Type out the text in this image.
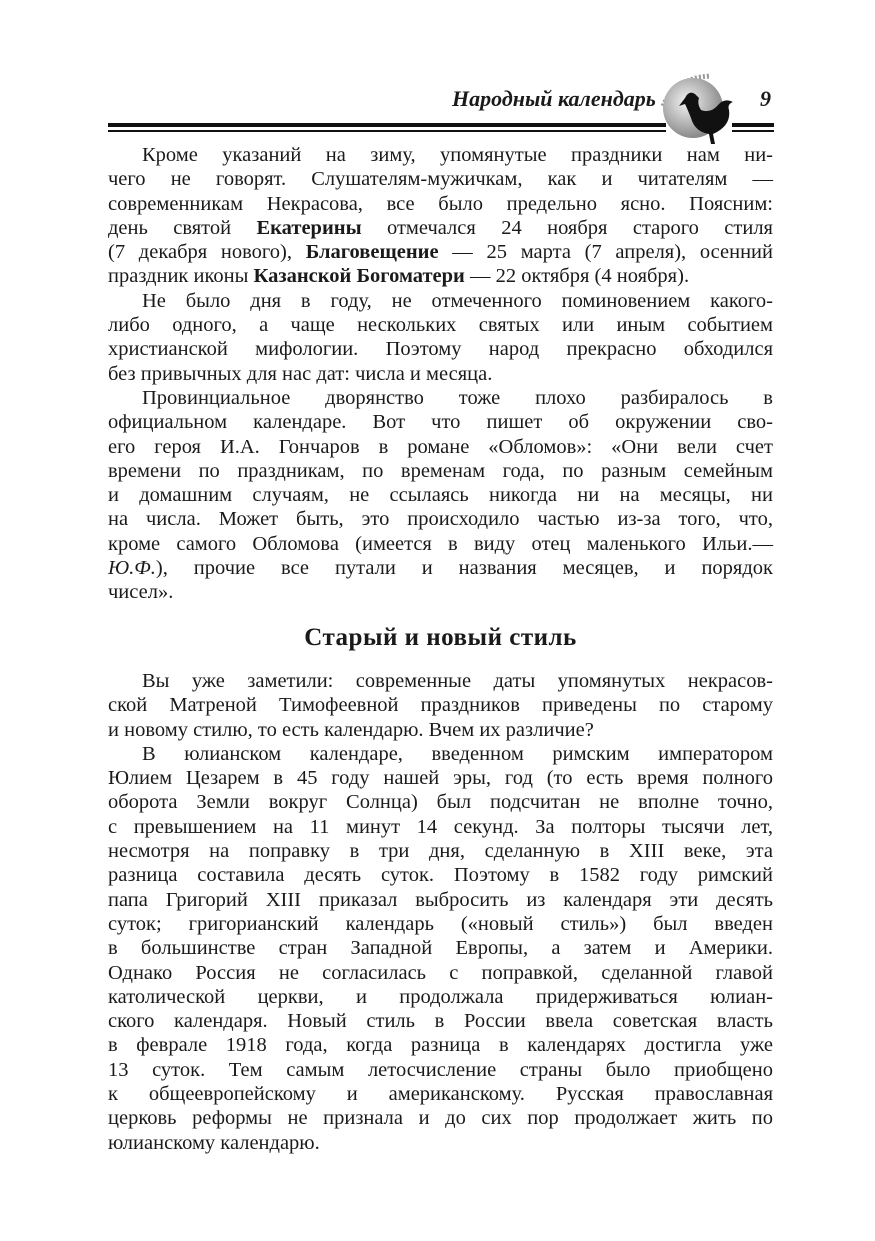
Народный календарь	9
Кроме указаний на зиму, упомянутые праздники нам ни-
чего не говорят. Слушателям-мужичкам, как и читателям —
современникам Некрасова, все было предельно ясно. Поясним:
день святой Екатерины отмечался 24 ноября старого стиля
(7 декабря нового), Благовещение — 25 марта (7 апреля), осенний
праздник иконы Казанской Богоматери — 22 октября (4 ноября).
Не было дня в году, не отмеченного поминовением какого-
либо одного, а чаще нескольких святых или иным событием
христианской мифологии. Поэтому народ прекрасно обходился
без привычных для нас дат: числа и месяца.
Провинциальное дворянство тоже плохо разбиралось в
официальном календаре. Вот что пишет об окружении сво-
его героя И.А. Гончаров в романе «Обломов»: «Они вели счет
времени по праздникам, по временам года, по разным семейным
и домашним случаям, не ссылаясь никогда ни на месяцы, ни
на числа. Может быть, это происходило частью из-за того, что,
кроме самого Обломова (имеется в виду отец маленького Ильи.—
Ю.Ф.), прочие все путали и названия месяцев, и порядок
чисел».
Старый и новый стиль
Вы уже заметили: современные даты упомянутых некрасов-
ской Матреной Тимофеевной праздников приведены по старому
и новому стилю, то есть календарю. Вчем их различие?
В юлианском календаре, введенном римским императором
Юлием Цезарем в 45 году нашей эры, год (то есть время полного
оборота Земли вокруг Солнца) был подсчитан не вполне точно,
с превышением на 11 минут 14 секунд. За полторы тысячи лет,
несмотря на поправку в три дня, сделанную в XIII веке, эта
разница составила десять суток. Поэтому в 1582 году римский
папа Григорий XIII приказал выбросить из календаря эти десять
суток; григорианский календарь («новый стиль») был введен
в большинстве стран Западной Европы, а затем и Америки.
Однако Россия не согласилась с поправкой, сделанной главой
католической церкви, и продолжала придерживаться юлиан-
ского календаря. Новый стиль в России ввела советская власть
в феврале 1918 года, когда разница в календарях достигла уже
13 суток. Тем самым летосчисление страны было приобщено
к общеевропейскому и американскому. Русская православная
церковь реформы не признала и до сих пор продолжает жить по
юлианскому календарю.
